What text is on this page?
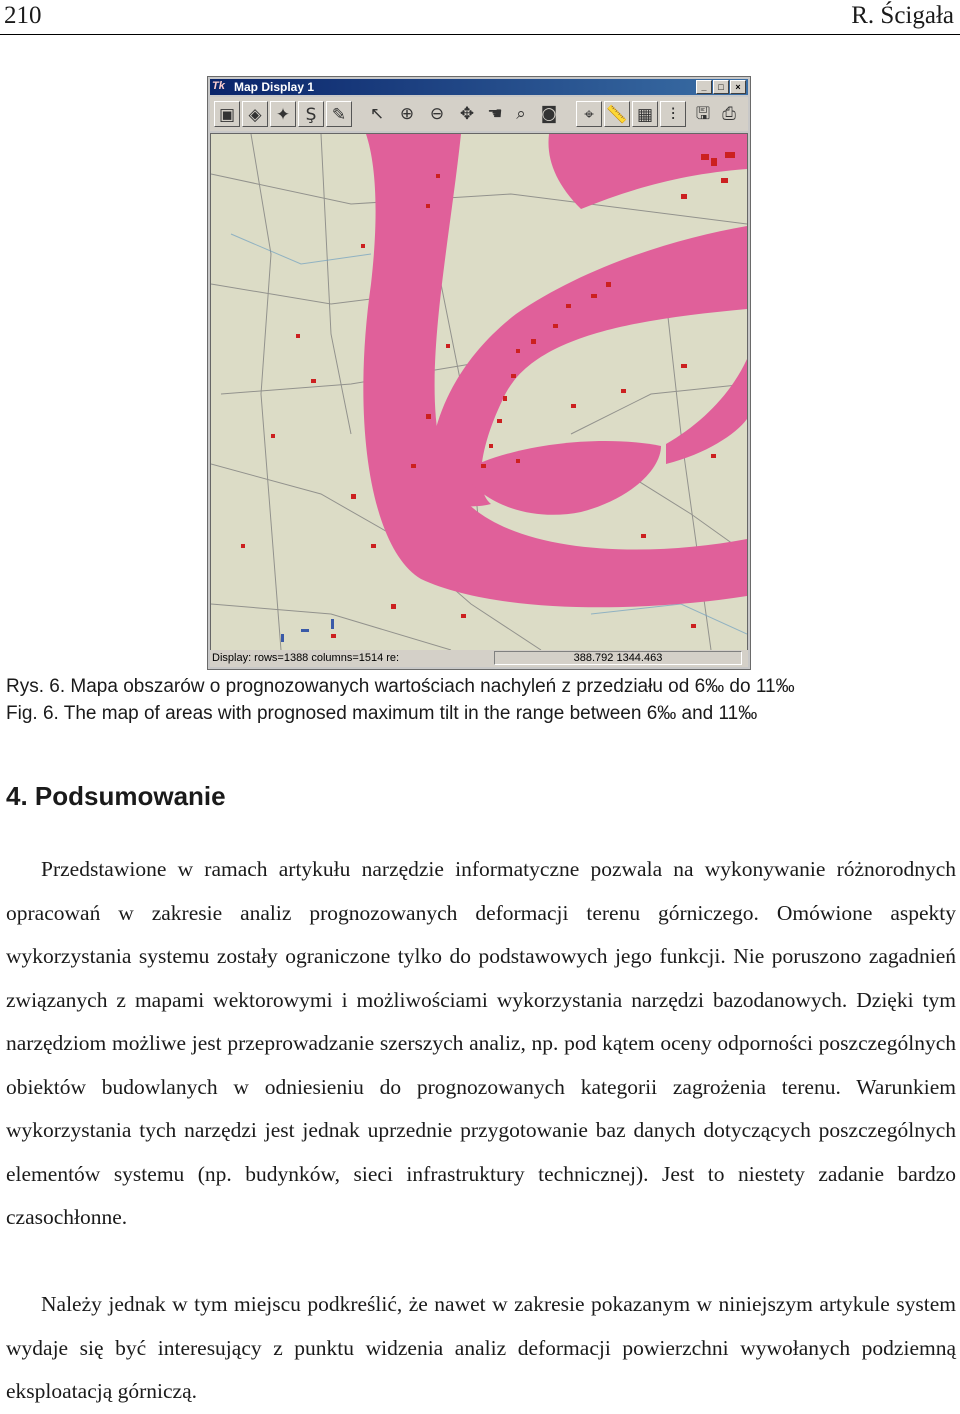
210	R. Ścigała
Tk Map Display 1	_	□	×
▣ ◈ ✦ Ş ✎	↖ ⊕ ⊖ ✥ ☚ ⌕ ◙	⌖ 📏 ▦	⫶	🖫 ⎙
Display: rows=1388 columns=1514 re:	388.792 1344.463
Rys. 6. Mapa obszarów o prognozowanych wartościach nachyleń z przedziału od 6‰ do 11‰
Fig. 6. The map of areas with prognosed maximum tilt in the range between 6‰ and 11‰
4. Podsumowanie

Przedstawione w ramach artykułu narzędzie informatyczne pozwala na wykonywanie różnorodnych opracowań w zakresie analiz prognozowanych deformacji terenu górniczego. Omówione aspekty wykorzystania systemu zostały ograniczone tylko do podstawowych jego funkcji. Nie poruszono zagadnień związanych z mapami wektorowymi i możliwościami wykorzystania narzędzi bazodanowych. Dzięki tym narzędziom możliwe jest przeprowadzanie szerszych analiz, np. pod kątem oceny odporności poszczególnych obiektów budowlanych w odniesieniu do prognozowanych kategorii zagrożenia terenu. Warunkiem wykorzystania tych narzędzi jest jednak uprzednie przygotowanie baz danych dotyczących poszczególnych elementów systemu (np. budynków, sieci infrastruktury technicznej). Jest to niestety zadanie bardzo czasochłonne.

Należy jednak w tym miejscu podkreślić, że nawet w zakresie pokazanym w niniejszym artykule system wydaje się być interesujący z punktu widzenia analiz deformacji powierzchni wywołanych podziemną eksploatacją górniczą.
